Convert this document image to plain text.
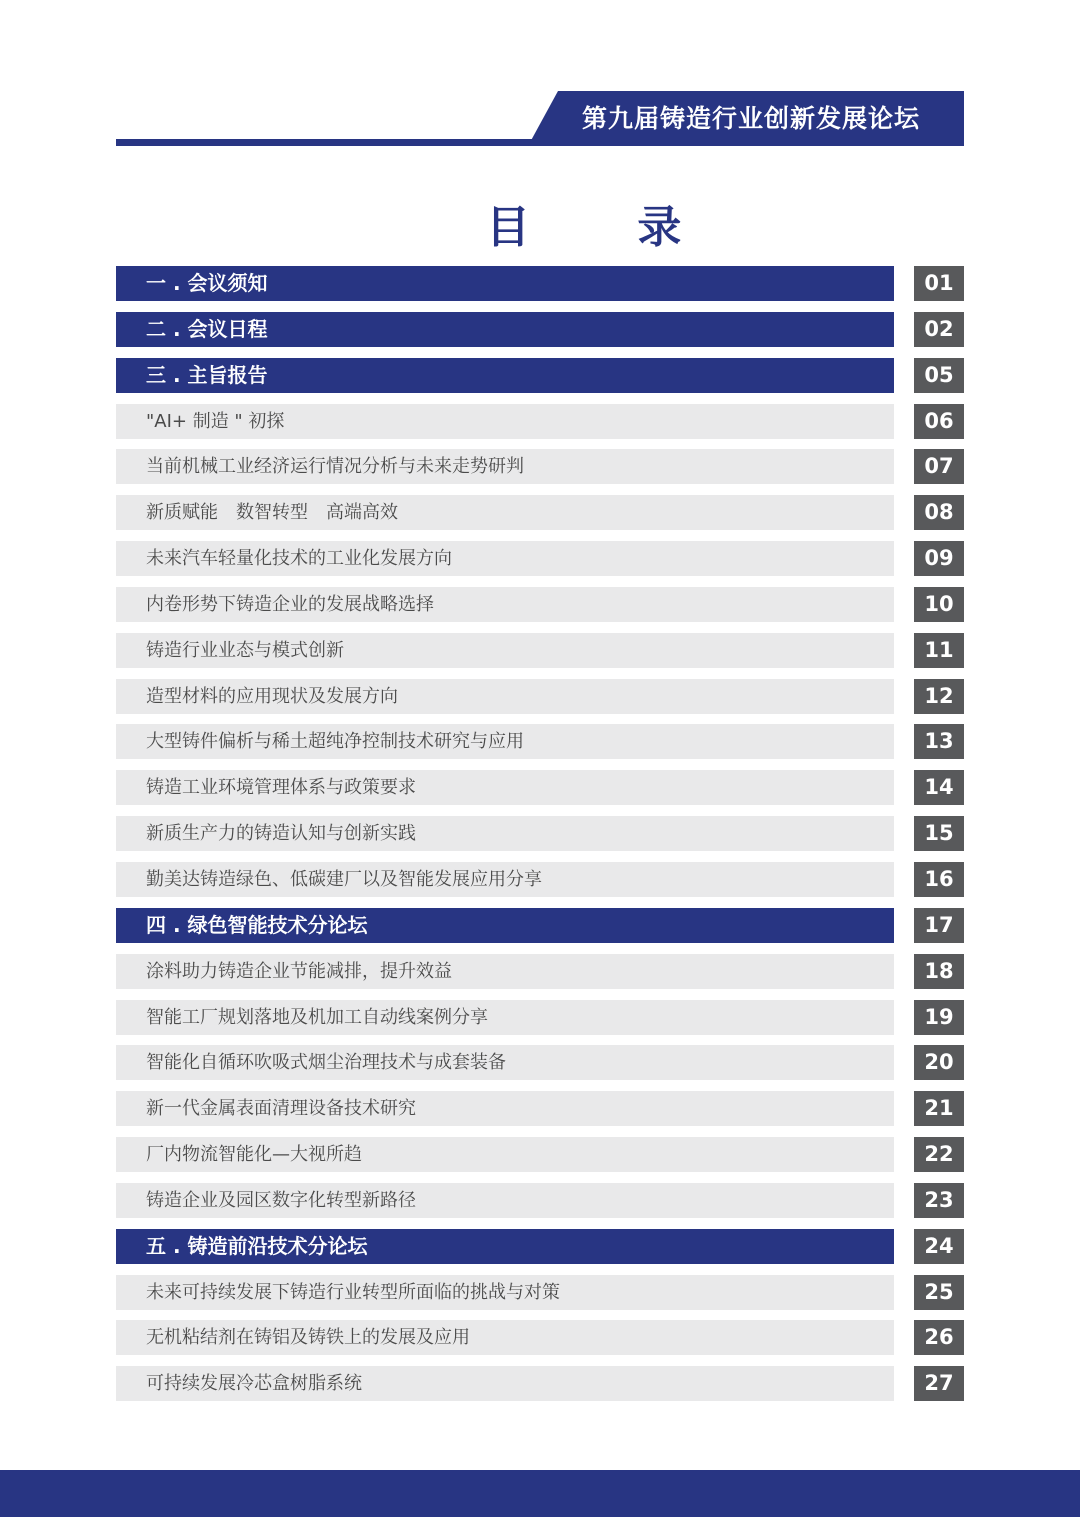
第九届铸造行业创新发展论坛
目 录
一 . 会议须知	01
二 . 会议日程	02
三 . 主旨报告	05
"AI+ 制造 " 初探	06
当前机械工业经济运行情况分析与未来走势研判	07
新质赋能　数智转型　高端高效	08
未来汽车轻量化技术的工业化发展方向	09
内卷形势下铸造企业的发展战略选择	10
铸造行业业态与模式创新	11
造型材料的应用现状及发展方向	12
大型铸件偏析与稀土超纯净控制技术研究与应用	13
铸造工业环境管理体系与政策要求	14
新质生产力的铸造认知与创新实践	15
勤美达铸造绿色、低碳建厂以及智能发展应用分享	16
四 . 绿色智能技术分论坛	17
涂料助力铸造企业节能减排，提升效益	18
智能工厂规划落地及机加工自动线案例分享	19
智能化自循环吹吸式烟尘治理技术与成套装备	20
新一代金属表面清理设备技术研究	21
厂内物流智能化—大视所趋	22
铸造企业及园区数字化转型新路径	23
五 . 铸造前沿技术分论坛	24
未来可持续发展下铸造行业转型所面临的挑战与对策	25
无机粘结剂在铸铝及铸铁上的发展及应用	26
可持续发展冷芯盒树脂系统	27
